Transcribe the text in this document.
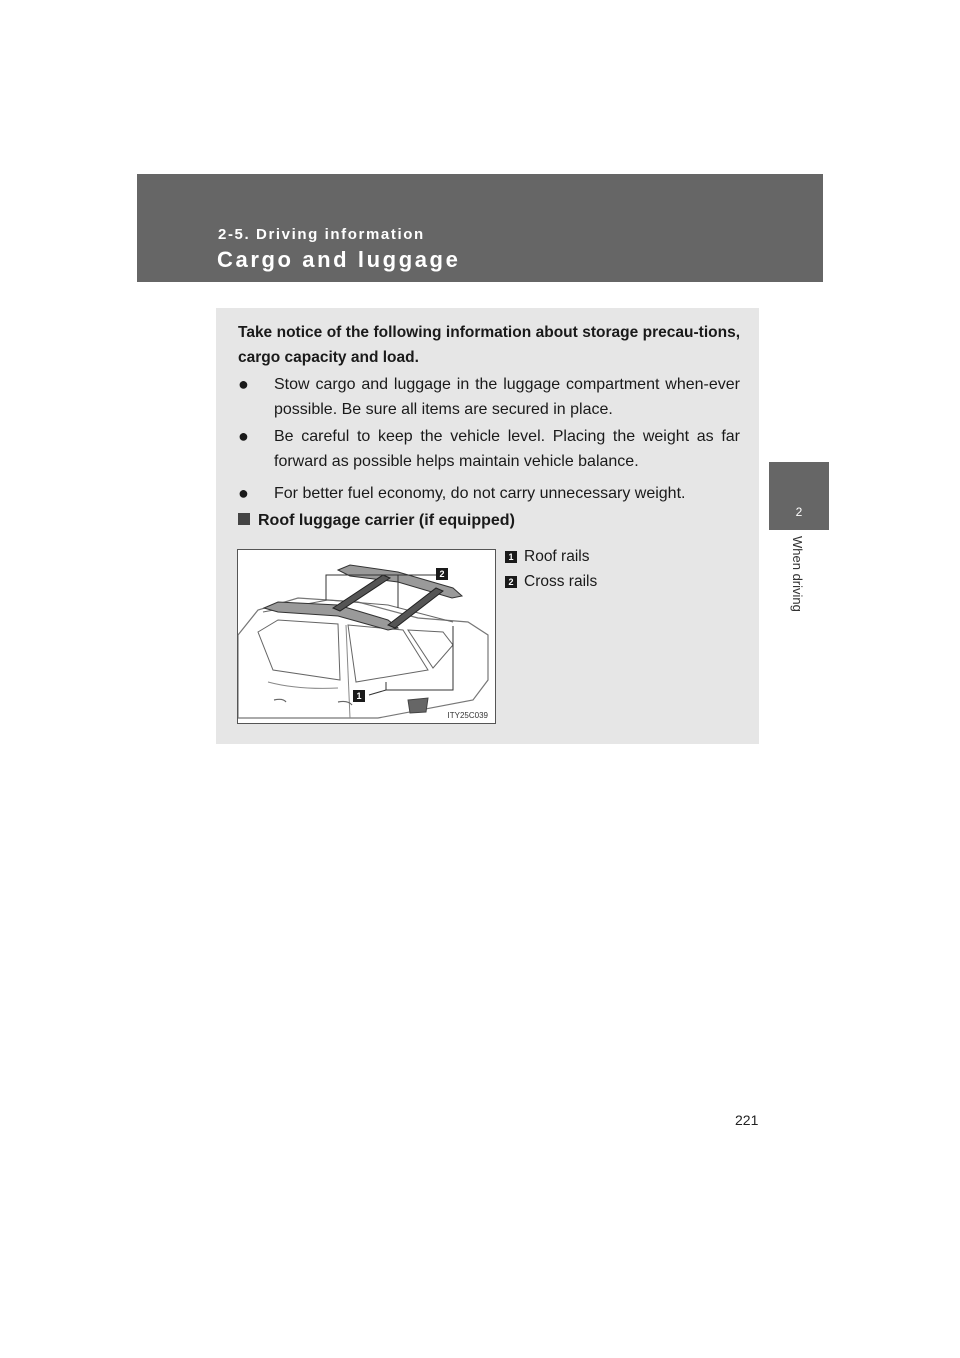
2-5. Driving information
Cargo and luggage
2
When driving
Take notice of the following information about storage precau-tions, cargo capacity and load.
● Stow cargo and luggage in the luggage compartment when-ever possible. Be sure all items are secured in place.
● Be careful to keep the vehicle level. Placing the weight as far forward as possible helps maintain vehicle balance.
● For better fuel economy, do not carry unnecessary weight.
Roof luggage carrier (if equipped)
2
1
ITY25C039
1 Roof rails
2 Cross rails
221
